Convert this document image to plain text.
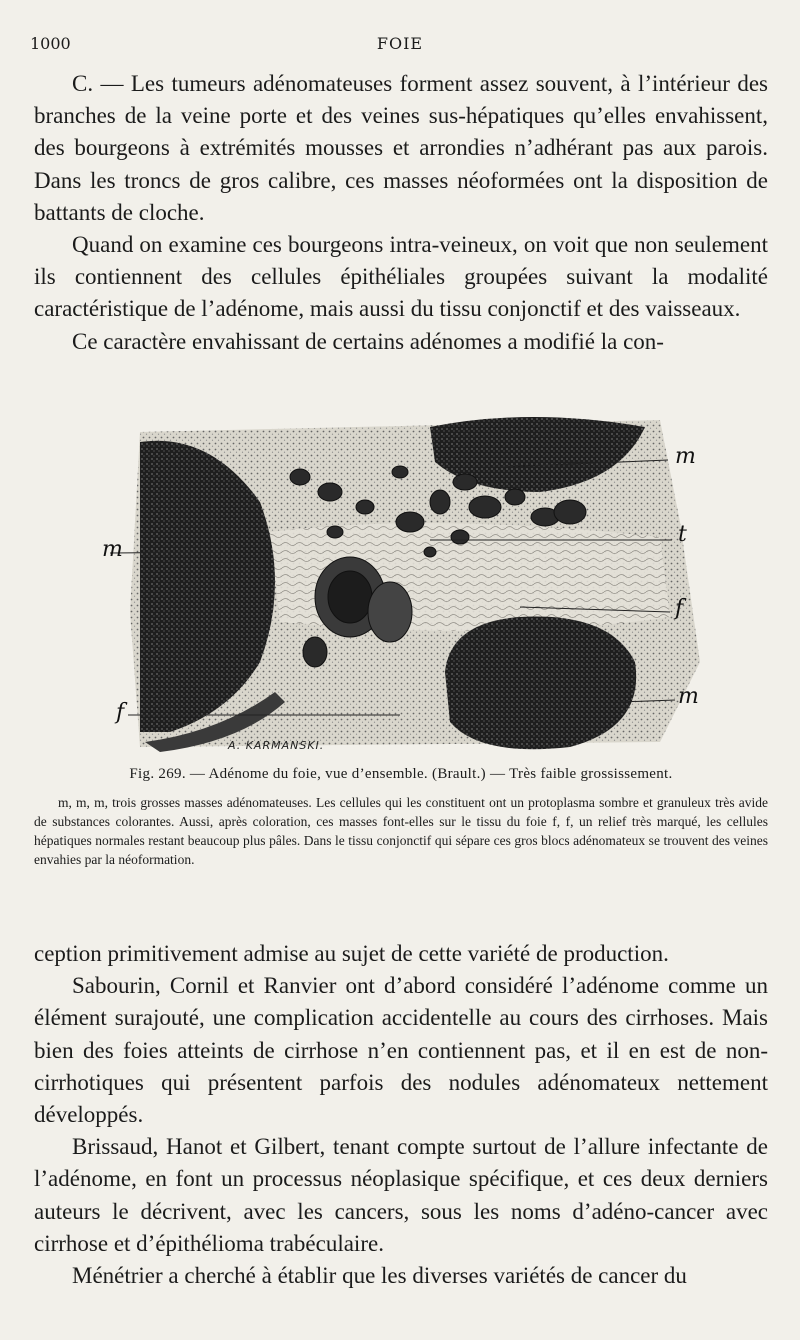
1000	FOIE

C. — Les tumeurs adénomateuses forment assez souvent, à l’intérieur des branches de la veine porte et des veines sus-hépatiques qu’elles envahissent, des bourgeons à extrémités mousses et arrondies n’adhérant pas aux parois. Dans les troncs de gros calibre, ces masses néoformées ont la disposition de battants de cloche.

Quand on examine ces bourgeons intra-veineux, on voit que non seulement ils contiennent des cellules épithéliales groupées suivant la modalité caractéristique de l’adénome, mais aussi du tissu conjonctif et des vaisseaux.

Ce caractère envahissant de certains adénomes a modifié la con-

m
t
m
f
m
f
A. KARMANSKI.

Fig. 269. — Adénome du foie, vue d’ensemble. (Brault.) — Très faible grossissement.

m, m, m, trois grosses masses adénomateuses. Les cellules qui les constituent ont un protoplasma sombre et granuleux très avide de substances colorantes. Aussi, après coloration, ces masses font-elles sur le tissu du foie f, f, un relief très marqué, les cellules hépatiques normales restant beaucoup plus pâles. Dans le tissu conjonctif qui sépare ces gros blocs adénomateux se trouvent des veines envahies par la néoformation.

ception primitivement admise au sujet de cette variété de production.

Sabourin, Cornil et Ranvier ont d’abord considéré l’adénome comme un élément surajouté, une complication accidentelle au cours des cirrhoses. Mais bien des foies atteints de cirrhose n’en contiennent pas, et il en est de non-cirrhotiques qui présentent parfois des nodules adénomateux nettement développés.

Brissaud, Hanot et Gilbert, tenant compte surtout de l’allure infectante de l’adénome, en font un processus néoplasique spécifique, et ces deux derniers auteurs le décrivent, avec les cancers, sous les noms d’adéno-cancer avec cirrhose et d’épithélioma trabéculaire.

Ménétrier a cherché à établir que les diverses variétés de cancer du
